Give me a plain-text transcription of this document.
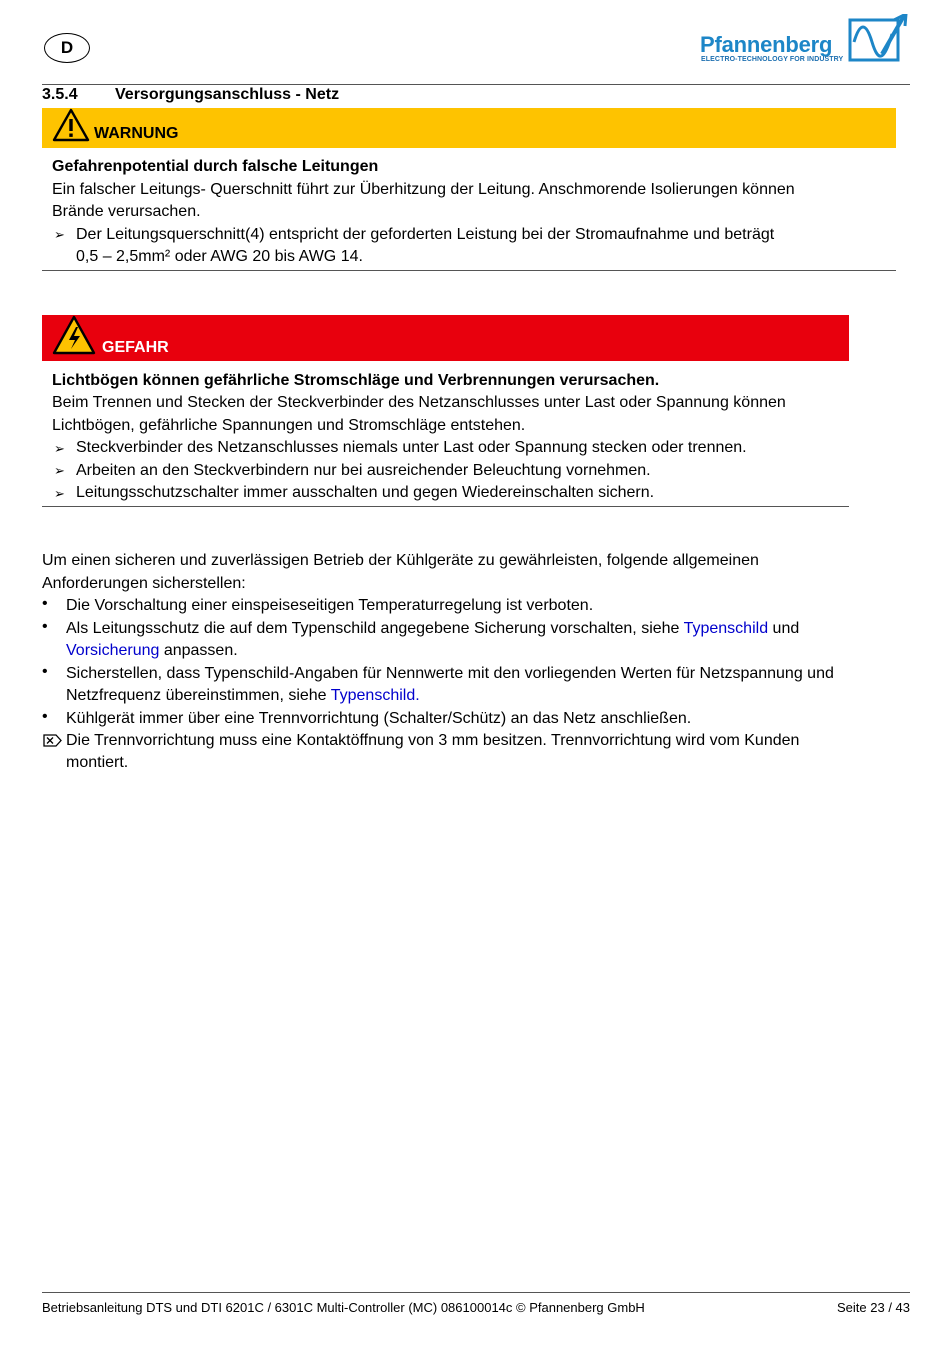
D	Pfannenberg
ELECTRO-TECHNOLOGY FOR INDUSTRY
3.5.4 Versorgungsanschluss - Netz
WARNUNG
Gefahrenpotential durch falsche Leitungen
Ein falscher Leitungs- Querschnitt führt zur Überhitzung der Leitung. Anschmorende Isolierungen können
Brände verursachen.
➢ Der Leitungsquerschnitt(4) entspricht der geforderten Leistung bei der Stromaufnahme und beträgt
0,5 – 2,5mm² oder AWG 20 bis AWG 14.
GEFAHR
Lichtbögen können gefährliche Stromschläge und Verbrennungen verursachen.
Beim Trennen und Stecken der Steckverbinder des Netzanschlusses unter Last oder Spannung können
Lichtbögen, gefährliche Spannungen und Stromschläge entstehen.
➢ Steckverbinder des Netzanschlusses niemals unter Last oder Spannung stecken oder trennen.
➢ Arbeiten an den Steckverbindern nur bei ausreichender Beleuchtung vornehmen.
➢ Leitungsschutzschalter immer ausschalten und gegen Wiedereinschalten sichern.
Um einen sicheren und zuverlässigen Betrieb der Kühlgeräte zu gewährleisten, folgende allgemeinen
Anforderungen sicherstellen:
• Die Vorschaltung einer einspeiseseitigen Temperaturregelung ist verboten.
• Als Leitungsschutz die auf dem Typenschild angegebene Sicherung vorschalten, siehe Typenschild und
Vorsicherung anpassen.
• Sicherstellen, dass Typenschild-Angaben für Nennwerte mit den vorliegenden Werten für Netzspannung und
Netzfrequenz übereinstimmen, siehe Typenschild.
• Kühlgerät immer über eine Trennvorrichtung (Schalter/Schütz) an das Netz anschließen.
Die Trennvorrichtung muss eine Kontaktöffnung von 3 mm besitzen. Trennvorrichtung wird vom Kunden
montiert.
Betriebsanleitung DTS und DTI 6201C / 6301C Multi-Controller (MC) 086100014c © Pfannenberg GmbH	Seite 23 / 43
